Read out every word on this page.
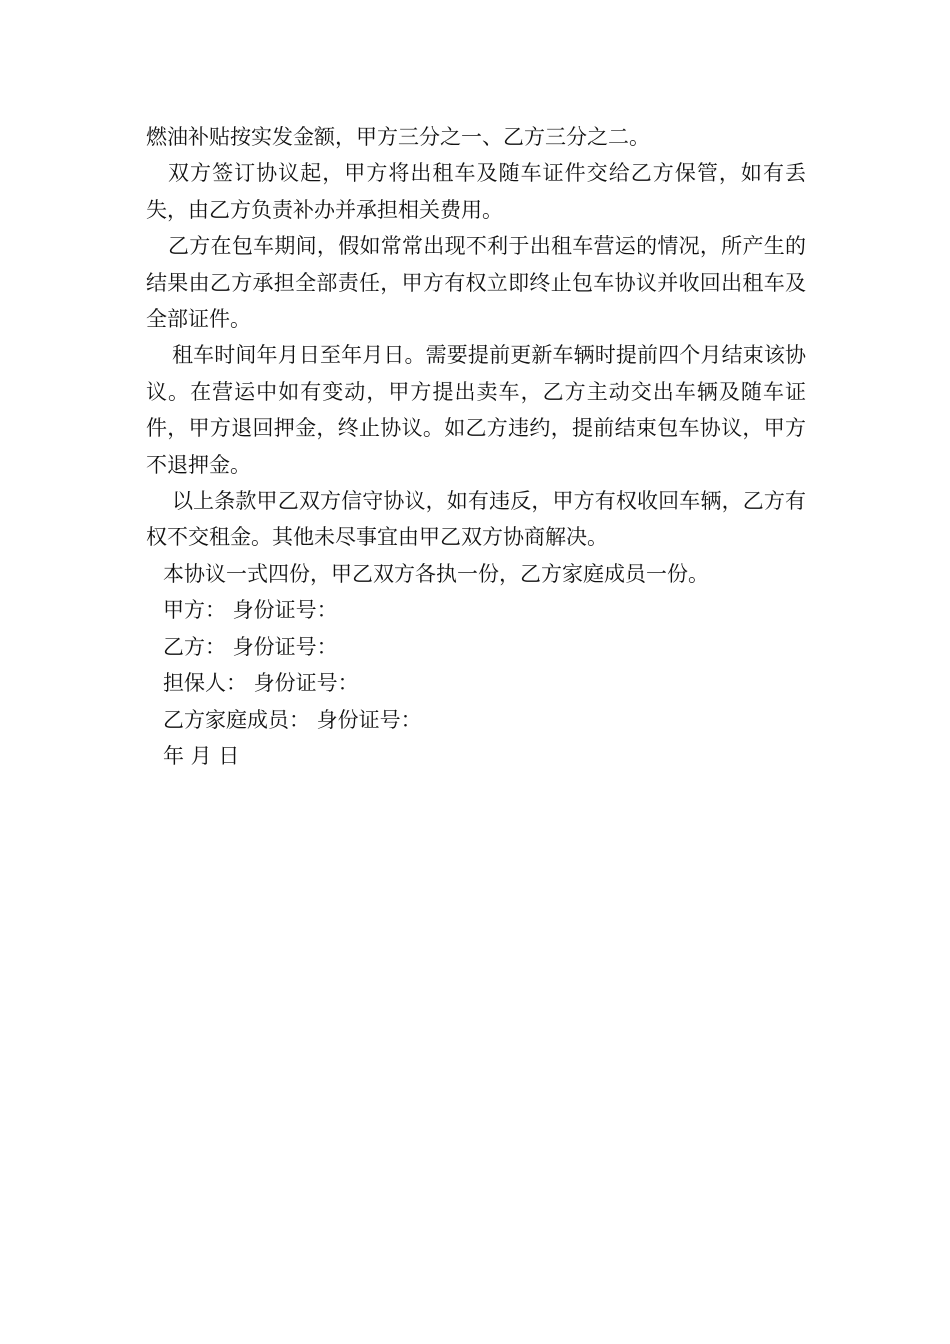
燃油补贴按实发金额，甲方三分之一、乙方三分之二。

双方签订协议起，甲方将出租车及随车证件交给乙方保管，如有丢失，由乙方负责补办并承担相关费用。

乙方在包车期间，假如常常出现不利于出租车营运的情况，所产生的结果由乙方承担全部责任，甲方有权立即终止包车协议并收回出租车及全部证件。

租车时间年月日至年月日。需要提前更新车辆时提前四个月结束该协议。在营运中如有变动，甲方提出卖车，乙方主动交出车辆及随车证件，甲方退回押金，终止协议。如乙方违约，提前结束包车协议，甲方不退押金。

以上条款甲乙双方信守协议，如有违反，甲方有权收回车辆，乙方有权不交租金。其他未尽事宜由甲乙双方协商解决。

本协议一式四份，甲乙双方各执一份，乙方家庭成员一份。

甲方： 身份证号：

乙方： 身份证号：

担保人： 身份证号：

乙方家庭成员： 身份证号：

年 月 日
